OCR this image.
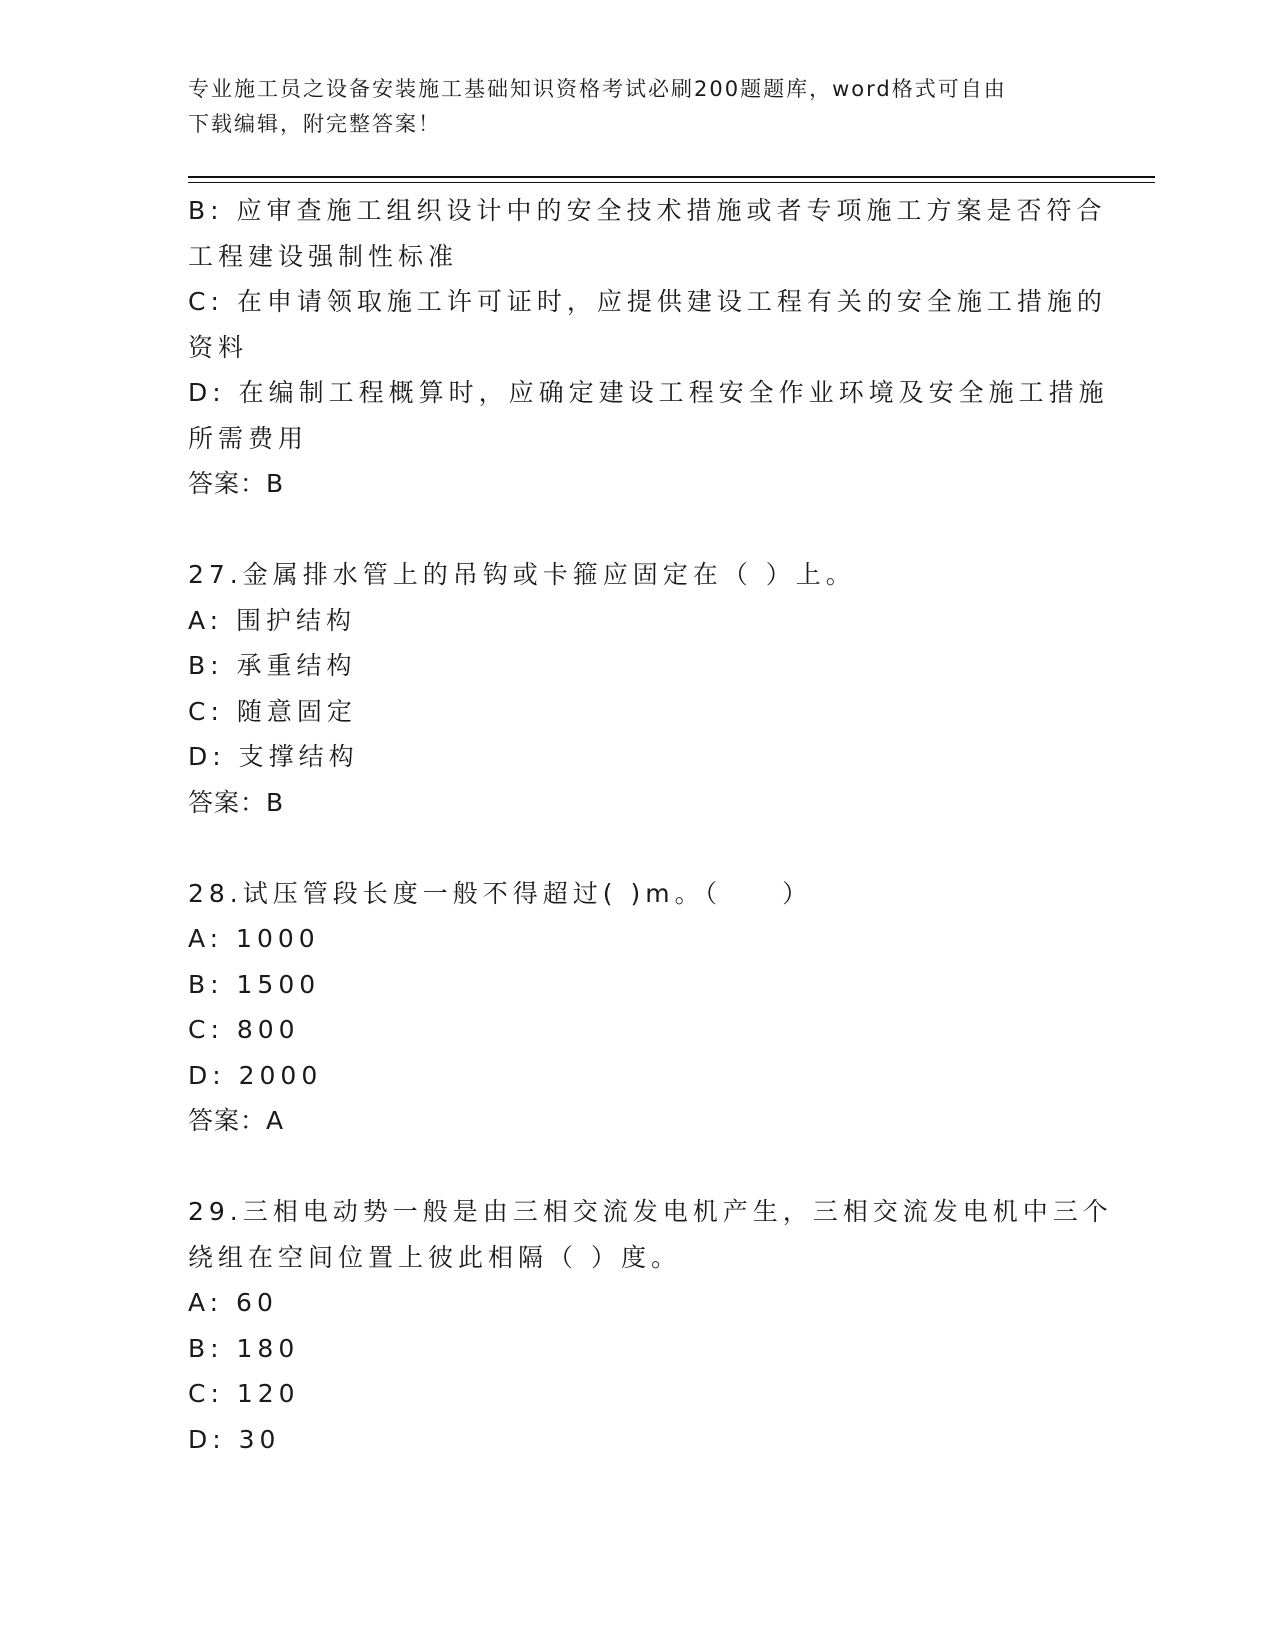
专业施工员之设备安装施工基础知识资格考试必刷200题题库，word格式可自由
下载编辑，附完整答案！
B: 应审查施工组织设计中的安全技术措施或者专项施工方案是否符合
工程建设强制性标准
C: 在申请领取施工许可证时，应提供建设工程有关的安全施工措施的
资料
D: 在编制工程概算时，应确定建设工程安全作业环境及安全施工措施
所需费用
答案：B
27.金属排水管上的吊钩或卡箍应固定在（ ）上。
A: 围护结构
B: 承重结构
C: 随意固定
D: 支撑结构
答案：B
28.试压管段长度一般不得超过( )m。（　　）
A: 1000
B: 1500
C: 800
D: 2000
答案：A
29.三相电动势一般是由三相交流发电机产生，三相交流发电机中三个
绕组在空间位置上彼此相隔（ ）度。
A: 60
B: 180
C: 120
D: 30
